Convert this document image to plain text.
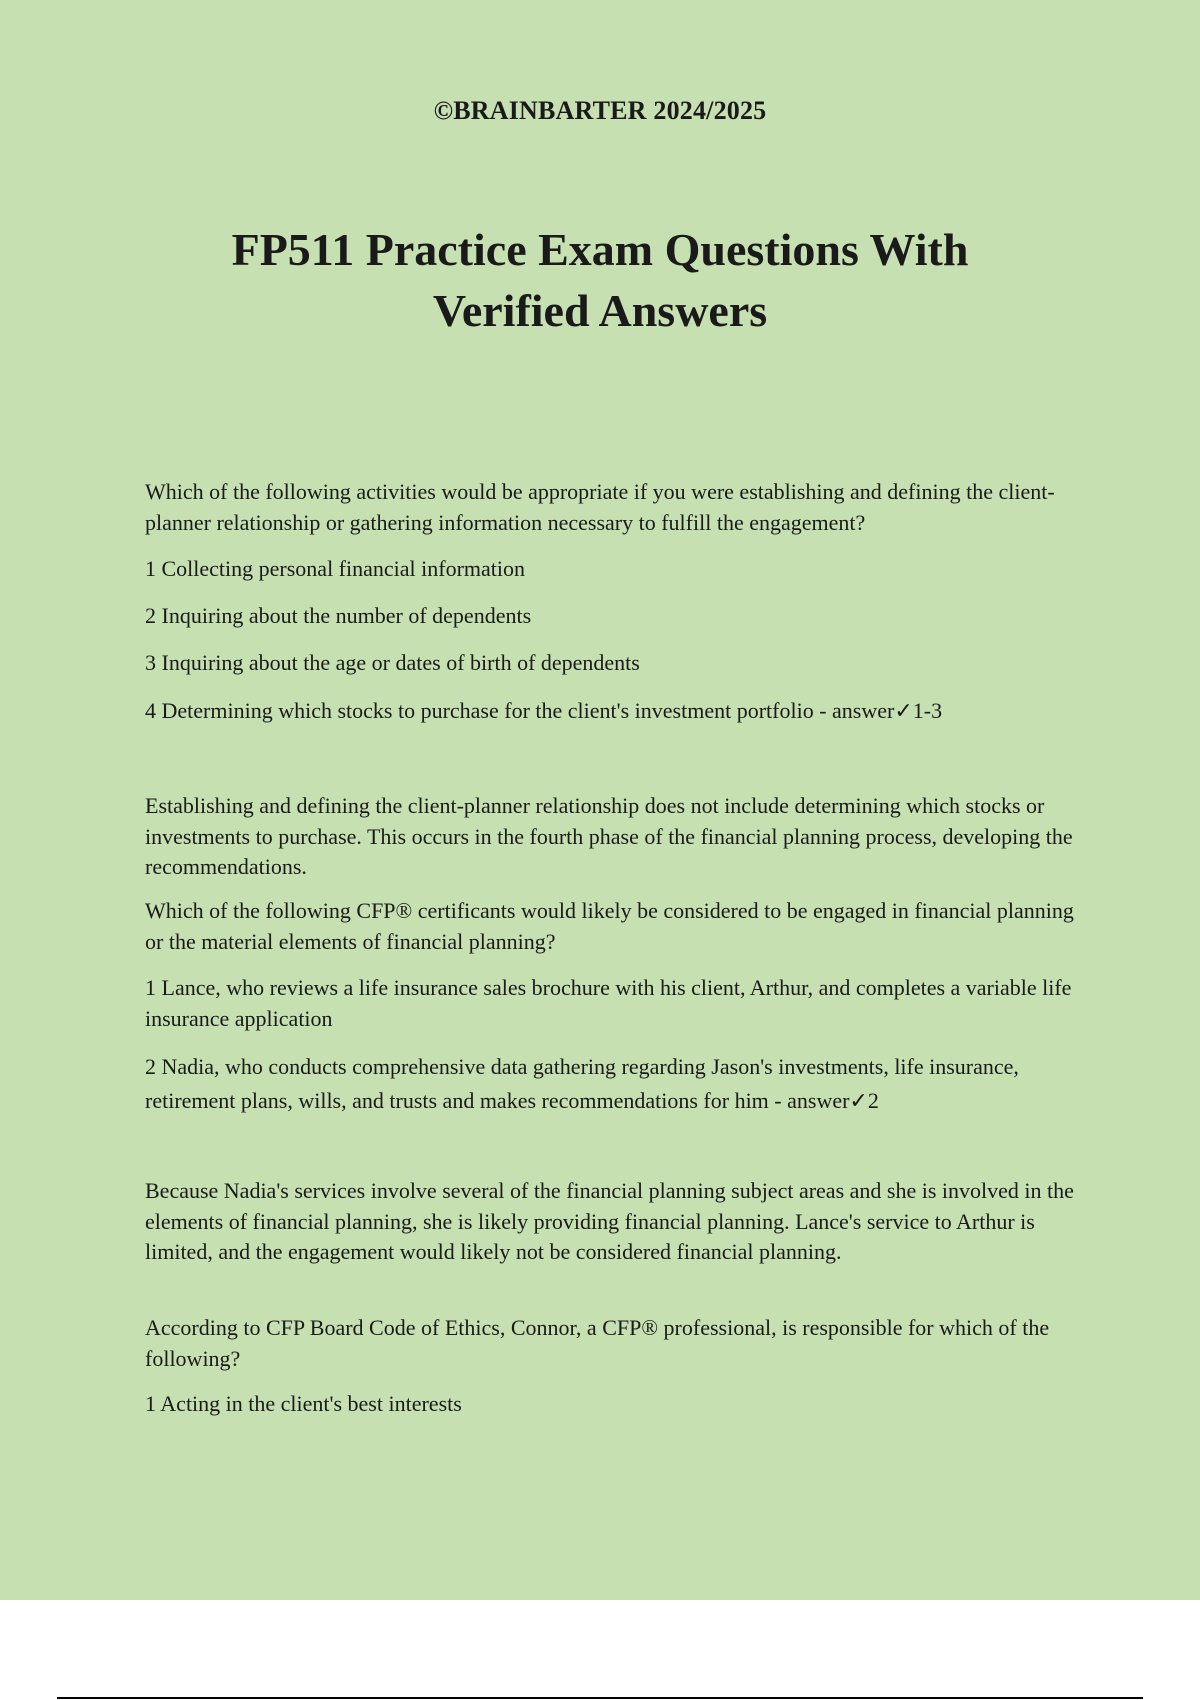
©BRAINBARTER 2024/2025
FP511 Practice Exam Questions With
Verified Answers

Which of the following activities would be appropriate if you were establishing and defining the client-planner relationship or gathering information necessary to fulfill the engagement?

1 Collecting personal financial information

2 Inquiring about the number of dependents

3 Inquiring about the age or dates of birth of dependents

4 Determining which stocks to purchase for the client's investment portfolio - answer✓1-3

Establishing and defining the client-planner relationship does not include determining which stocks or investments to purchase. This occurs in the fourth phase of the financial planning process, developing the recommendations.

Which of the following CFP® certificants would likely be considered to be engaged in financial planning or the material elements of financial planning?

1 Lance, who reviews a life insurance sales brochure with his client, Arthur, and completes a variable life insurance application

2 Nadia, who conducts comprehensive data gathering regarding Jason's investments, life insurance, retirement plans, wills, and trusts and makes recommendations for him - answer✓2

Because Nadia's services involve several of the financial planning subject areas and she is involved in the elements of financial planning, she is likely providing financial planning. Lance's service to Arthur is limited, and the engagement would likely not be considered financial planning.

According to CFP Board Code of Ethics, Connor, a CFP® professional, is responsible for which of the following?

1 Acting in the client's best interests
